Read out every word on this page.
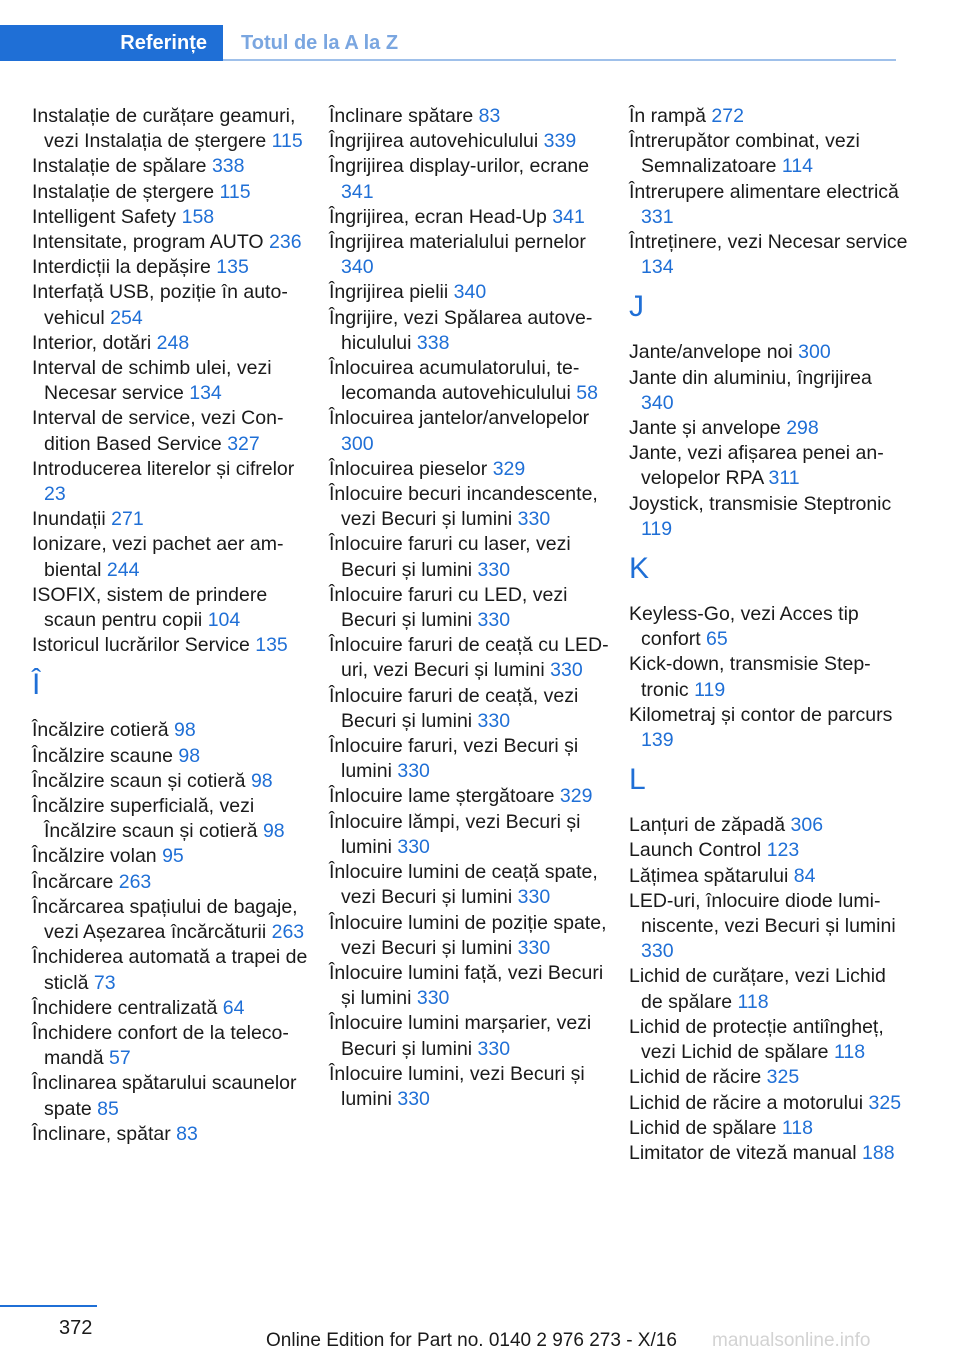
Referințe	Totul de la A la Z
Instalație de curățare geamuri, vezi Instalația de ștergere 115
Instalație de spălare 338
Instalație de ștergere 115
Intelligent Safety 158
Intensitate, program AUTO 236
Interdicții la depășire 135
Interfață USB, poziție în autovehicul 254
Interior, dotări 248
Interval de schimb ulei, vezi Necesar service 134
Interval de service, vezi Condition Based Service 327
Introducerea literelor și cifrelor 23
Inundații 271
Ionizare, vezi pachet aer ambiental 244
ISOFIX, sistem de prindere scaun pentru copii 104
Istoricul lucrărilor Service 135
Î
Încălzire cotieră 98
Încălzire scaune 98
Încălzire scaun și cotieră 98
Încălzire superficială, vezi Încălzire scaun și cotieră 98
Încălzire volan 95
Încărcare 263
Încărcarea spațiului de bagaje, vezi Așezarea încărcăturii 263
Închiderea automată a trapei de sticlă 73
Închidere centralizată 64
Închidere confort de la telecomandă 57
Înclinarea spătarului scaunelor spate 85
Înclinare, spătar 83
Înclinare spătare 83
Îngrijirea autovehiculului 339
Îngrijirea display-urilor, ecrane 341
Îngrijirea, ecran Head-Up 341
Îngrijirea materialului pernelor 340
Îngrijirea pielii 340
Îngrijire, vezi Spălarea autovehiculului 338
Înlocuirea acumulatorului, telecomanda autovehiculului 58
Înlocuirea jantelor/anvelopelor 300
Înlocuirea pieselor 329
Înlocuire becuri incandescente, vezi Becuri și lumini 330
Înlocuire faruri cu laser, vezi Becuri și lumini 330
Înlocuire faruri cu LED, vezi Becuri și lumini 330
Înlocuire faruri de ceață cu LED-uri, vezi Becuri și lumini 330
Înlocuire faruri de ceață, vezi Becuri și lumini 330
Înlocuire faruri, vezi Becuri și lumini 330
Înlocuire lame ștergătoare 329
Înlocuire lămpi, vezi Becuri și lumini 330
Înlocuire lumini de ceață spate, vezi Becuri și lumini 330
Înlocuire lumini de poziție spate, vezi Becuri și lumini 330
Înlocuire lumini față, vezi Becuri și lumini 330
Înlocuire lumini marșarier, vezi Becuri și lumini 330
Înlocuire lumini, vezi Becuri și lumini 330
În rampă 272
Întrerupător combinat, vezi Semnalizatoare 114
Întrerupere alimentare electrică 331
Întreținere, vezi Necesar service 134
J
Jante/anvelope noi 300
Jante din aluminiu, îngrijirea 340
Jante și anvelope 298
Jante, vezi afișarea penei anvelopelor RPA 311
Joystick, transmisie Steptronic 119
K
Keyless-Go, vezi Acces tip confort 65
Kick-down, transmisie Steptronic 119
Kilometraj și contor de parcurs 139
L
Lanțuri de zăpadă 306
Launch Control 123
Lățimea spătarului 84
LED-uri, înlocuire diode luminiscente, vezi Becuri și lumini 330
Lichid de curățare, vezi Lichid de spălare 118
Lichid de protecție antiîngheț, vezi Lichid de spălare 118
Lichid de răcire 325
Lichid de răcire a motorului 325
Lichid de spălare 118
Limitator de viteză manual 188
372
Online Edition for Part no. 0140 2 976 273 - X/16 manualsonline.info
